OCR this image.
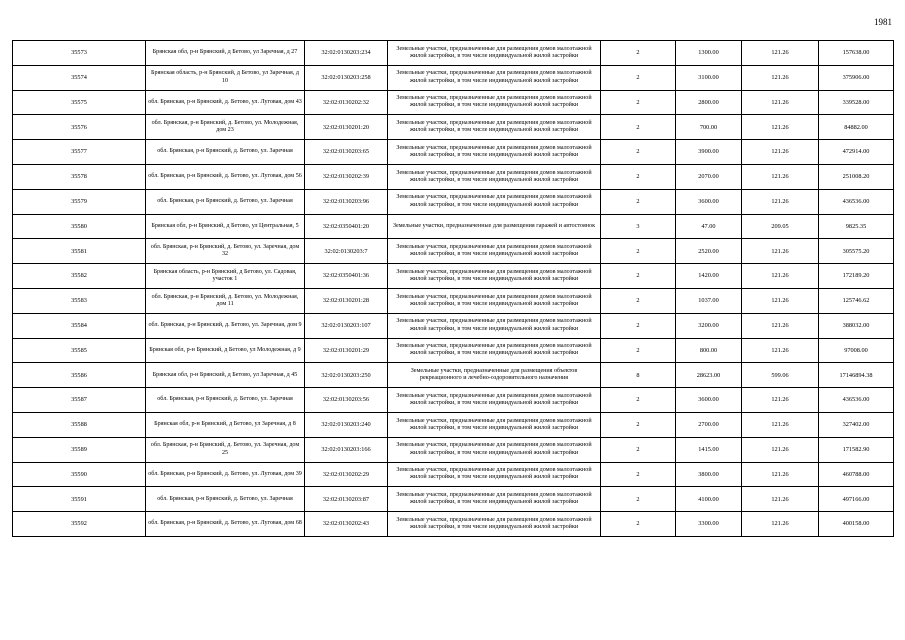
1981
35573	Брянская обл, р-н Брянский, д Бетово, ул Заречная, д 27	32:02:0130203:234	Земельные участки, предназначенные для размещения домов малоэтажной жилой застройки, в том числе индивидуальной жилой застройки	2	1300.00	121.26	157638.00
35574	Брянская область, р-н Брянский, д Бетово, ул Заречная, д 10	32:02:0130203:258	Земельные участки, предназначенные для размещения домов малоэтажной жилой застройки, в том числе индивидуальной жилой застройки	2	3100.00	121.26	375906.00
35575	обл. Брянская, р-н Брянский, д. Бетово, ул. Луговая, дом 43	32:02:0130202:32	Земельные участки, предназначенные для размещения домов малоэтажной жилой застройки, в том числе индивидуальной жилой застройки	2	2800.00	121.26	339528.00
35576	обл. Брянская, р-н Брянский, д. Бетово, ул. Молодежная, дом 23	32:02:0130201:20	Земельные участки, предназначенные для размещения домов малоэтажной жилой застройки, в том числе индивидуальной жилой застройки	2	700.00	121.26	84882.00
35577	обл. Брянская, р-н Брянский, д. Бетово, ул. Заречная	32:02:0130203:65	Земельные участки, предназначенные для размещения домов малоэтажной жилой застройки, в том числе индивидуальной жилой застройки	2	3900.00	121.26	472914.00
35578	обл. Брянская, р-н Брянский, д. Бетово, ул. Луговая, дом 56	32:02:0130202:39	Земельные участки, предназначенные для размещения домов малоэтажной жилой застройки, в том числе индивидуальной жилой застройки	2	2070.00	121.26	251008.20
35579	обл. Брянская, р-н Брянский, д. Бетово, ул. Заречная	32:02:0130203:96	Земельные участки, предназначенные для размещения домов малоэтажной жилой застройки, в том числе индивидуальной жилой застройки	2	3600.00	121.26	436536.00
35580	Брянская обл, р-н Брянский, д Бетово, ул Центральная, 5	32:02:0350401:20	Земельные участки, предназначенные для размещения гаражей и автостоянок	3	47.00	209.05	9825.35
35581	обл. Брянская, р-н Брянский, д. Бетово, ул. Заречная, дом 32	32:02:0130203:7	Земельные участки, предназначенные для размещения домов малоэтажной жилой застройки, в том числе индивидуальной жилой застройки	2	2520.00	121.26	305575.20
35582	Брянская область, р-н Брянский, д Бетово, ул. Садовая, участок 1	32:02:0350401:36	Земельные участки, предназначенные для размещения домов малоэтажной жилой застройки, в том числе индивидуальной жилой застройки	2	1420.00	121.26	172189.20
35583	обл. Брянская, р-н Брянский, д. Бетово, ул. Молодежная, дом 11	32:02:0130201:28	Земельные участки, предназначенные для размещения домов малоэтажной жилой застройки, в том числе индивидуальной жилой застройки	2	1037.00	121.26	125746.62
35584	обл. Брянская, р-н Брянский, д. Бетово, ул. Заречная, дом 9	32:02:0130203:107	Земельные участки, предназначенные для размещения домов малоэтажной жилой застройки, в том числе индивидуальной жилой застройки	2	3200.00	121.26	388032.00
35585	Брянская обл, р-н Брянский, д Бетово, ул Молодежная, д 9	32:02:0130201:29	Земельные участки, предназначенные для размещения домов малоэтажной жилой застройки, в том числе индивидуальной жилой застройки	2	800.00	121.26	97008.00
35586	Брянская обл, р-н Брянский, д Бетово, ул Заречная, д 45	32:02:0130203:250	Земельные участки, предназначенные для размещения объектов рекреационного и лечебно-оздоровительного назначения	8	28623.00	599.06	17146894.38
35587	обл. Брянская, р-н Брянский, д. Бетово, ул. Заречная	32:02:0130203:56	Земельные участки, предназначенные для размещения домов малоэтажной жилой застройки, в том числе индивидуальной жилой застройки	2	3600.00	121.26	436536.00
35588	Брянская обл, р-н Брянский, д Бетово, ул Заречная, д 8	32:02:0130203:240	Земельные участки, предназначенные для размещения домов малоэтажной жилой застройки, в том числе индивидуальной жилой застройки	2	2700.00	121.26	327402.00
35589	обл. Брянская, р-н Брянский, д. Бетово, ул. Заречная, дом 25	32:02:0130203:166	Земельные участки, предназначенные для размещения домов малоэтажной жилой застройки, в том числе индивидуальной жилой застройки	2	1415.00	121.26	171582.90
35590	обл. Брянская, р-н Брянский, д. Бетово, ул. Луговая, дом 39	32:02:0130202:29	Земельные участки, предназначенные для размещения домов малоэтажной жилой застройки, в том числе индивидуальной жилой застройки	2	3800.00	121.26	460788.00
35591	обл. Брянская, р-н Брянский, д. Бетово, ул. Заречная	32:02:0130203:87	Земельные участки, предназначенные для размещения домов малоэтажной жилой застройки, в том числе индивидуальной жилой застройки	2	4100.00	121.26	497166.00
35592	обл. Брянская, р-н Брянский, д. Бетово, ул. Луговая, дом 68	32:02:0130202:43	Земельные участки, предназначенные для размещения домов малоэтажной жилой застройки, в том числе индивидуальной жилой застройки	2	3300.00	121.26	400158.00
